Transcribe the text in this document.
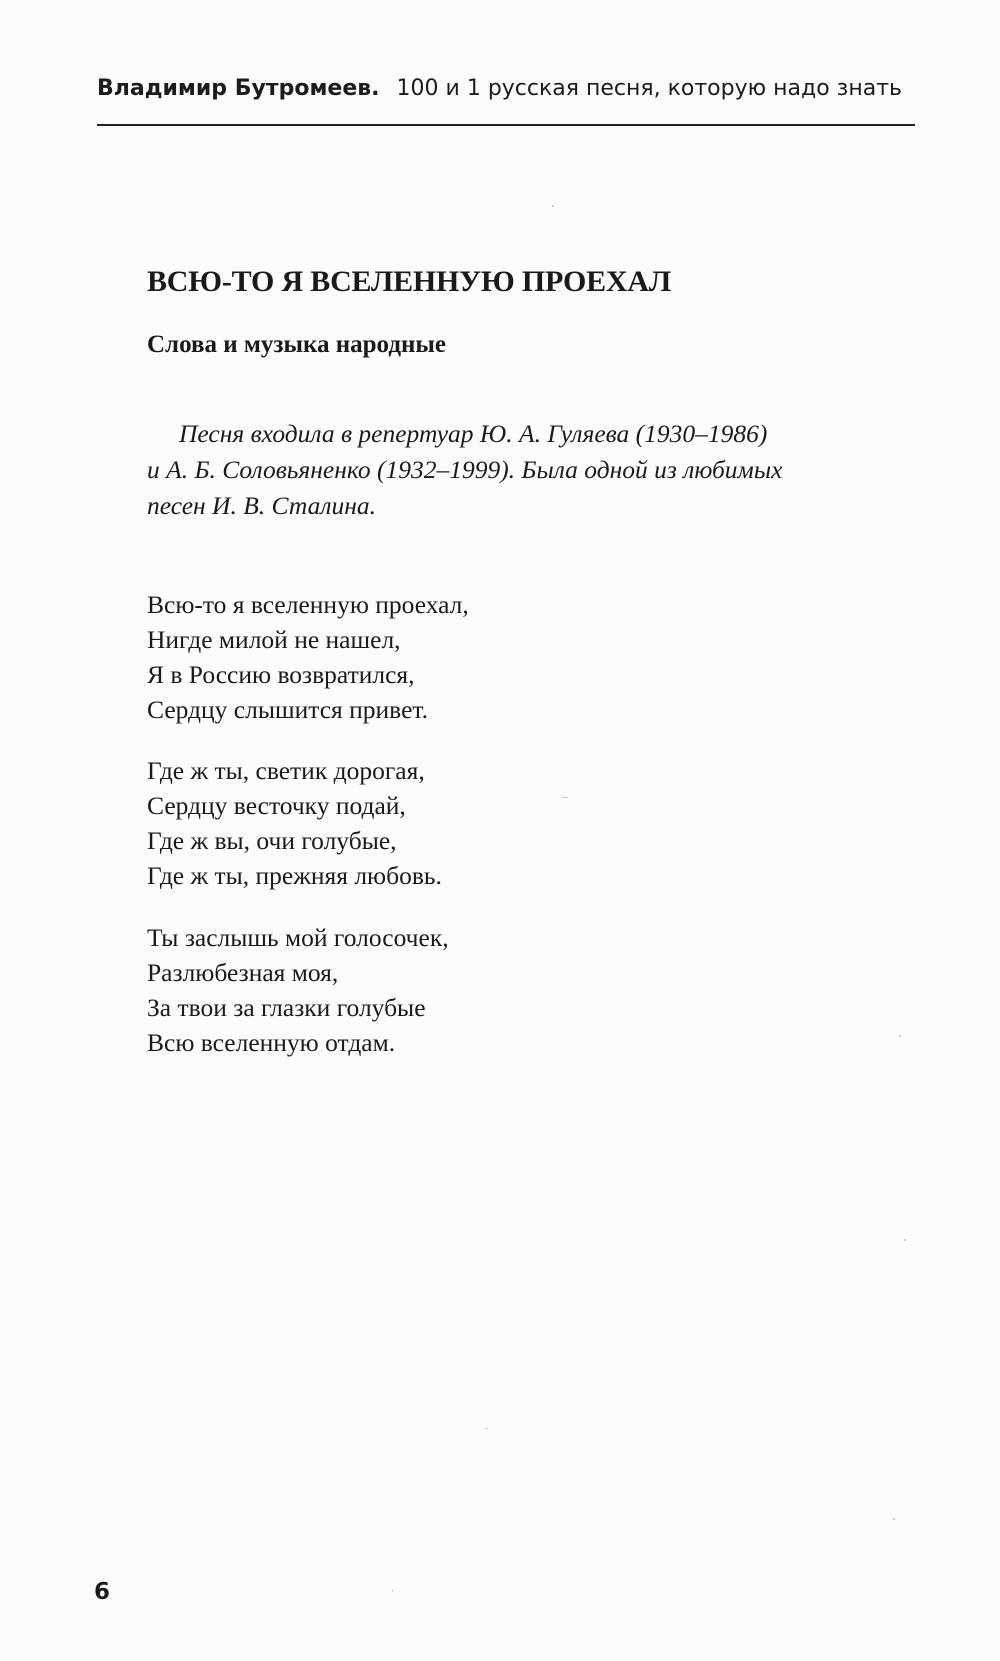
Владимир Бутромеев. 100 и 1 русская песня, которую надо знать
ВСЮ-ТО Я ВСЕЛЕННУЮ ПРОЕХАЛ
Слова и музыка народные
Песня входила в репертуар Ю. А. Гуляева (1930–1986)
и А. Б. Соловьяненко (1932–1999). Была одной из любимых
песен И. В. Сталина.
Всю-то я вселенную проехал,
Нигде милой не нашел,
Я в Россию возвратился,
Сердцу слышится привет.
Где ж ты, светик дорогая,
Сердцу весточку подай,
Где ж вы, очи голубые,
Где ж ты, прежняя любовь.
Ты заслышь мой голосочек,
Разлюбезная моя,
За твои за глазки голубые
Всю вселенную отдам.
6
